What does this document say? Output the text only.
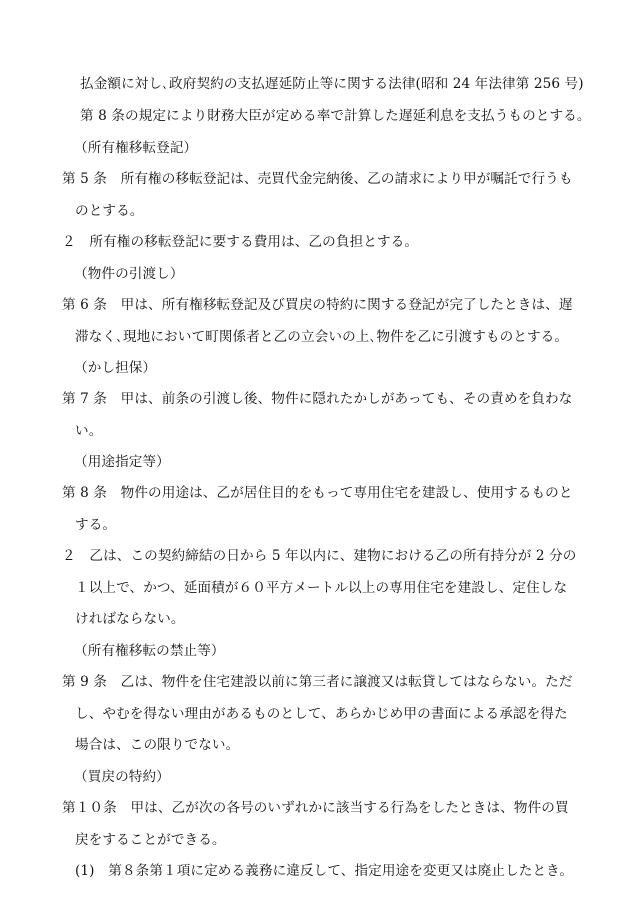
払金額に対し､政府契約の支払遅延防止等に関する法律(昭和 24 年法律第 256 号)
第 8 条の規定により財務大臣が定める率で計算した遅延利息を支払うものとする。
（所有権移転登記）
第 5 条　所有権の移転登記は、売買代金完納後、乙の請求により甲が嘱託で行うも
のとする。
２　所有権の移転登記に要する費用は、乙の負担とする。
（物件の引渡し）
第 6 条　甲は、所有権移転登記及び買戻の特約に関する登記が完了したときは、遅
滞なく､現地において町関係者と乙の立会いの上､物件を乙に引渡すものとする。
（かし担保）
第 7 条　甲は、前条の引渡し後、物件に隠れたかしがあっても、その責めを負わな
い。
（用途指定等）
第 8 条　物件の用途は、乙が居住目的をもって専用住宅を建設し、使用するものと
する。
２　乙は、この契約締結の日から 5 年以内に、建物における乙の所有持分が 2 分の
１以上で、かつ、延面積が６０平方メートル以上の専用住宅を建設し、定住しな
ければならない。
（所有権移転の禁止等）
第 9 条　乙は、物件を住宅建設以前に第三者に譲渡又は転貸してはならない。ただ
し、やむを得ない理由があるものとして、あらかじめ甲の書面による承認を得た
場合は、この限りでない。
（買戻の特約）
第１０条　甲は、乙が次の各号のいずれかに該当する行為をしたときは、物件の買
戻をすることができる。
(1)　第８条第１項に定める義務に違反して、指定用途を変更又は廃止したとき。
